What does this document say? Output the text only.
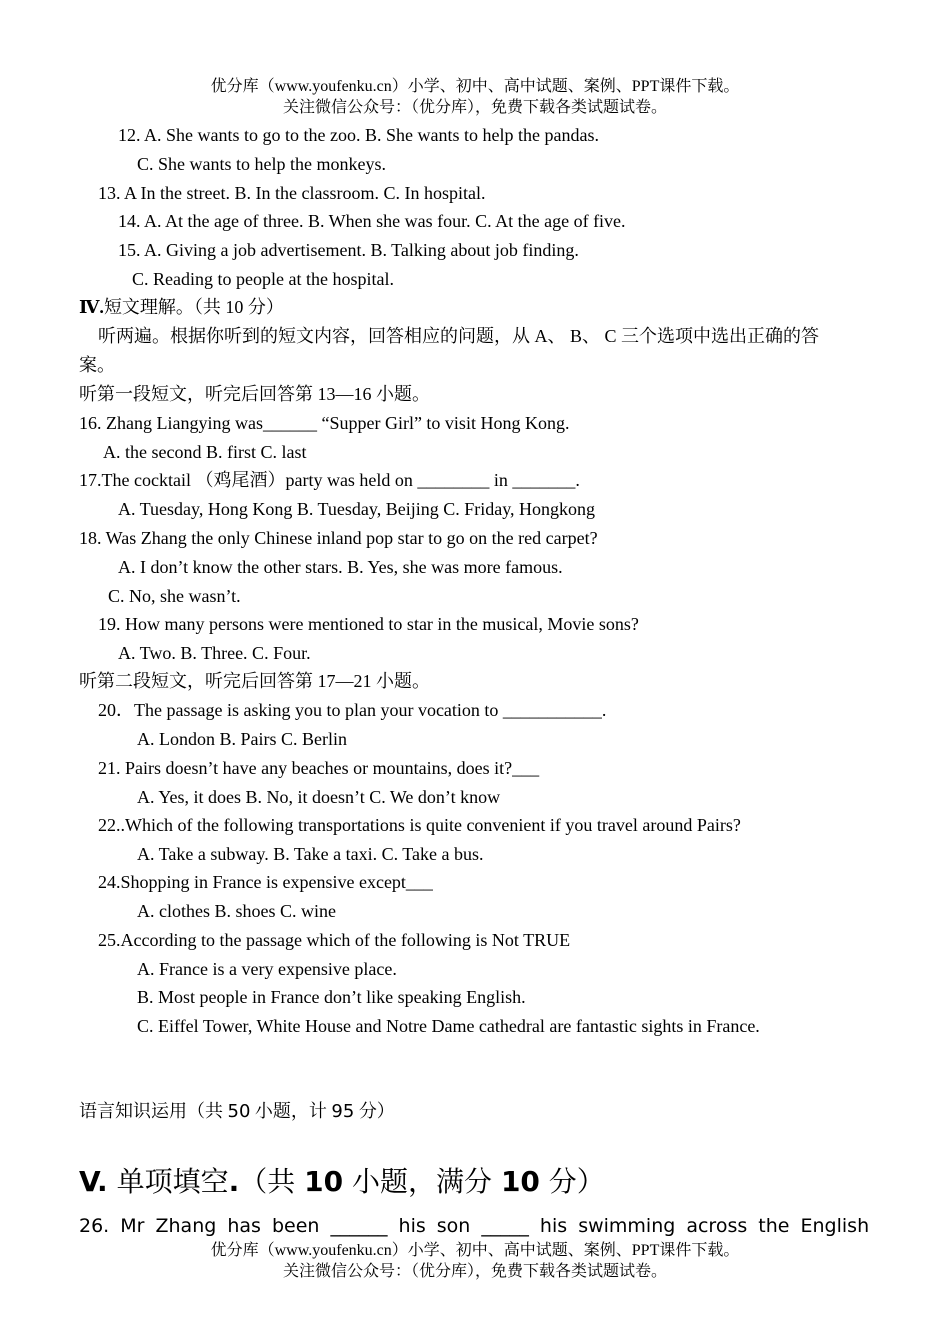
优分库（www.youfenku.cn）小学、初中、高中试题、案例、PPT课件下载。
关注微信公众号：（优分库），免费下载各类试题试卷。
12. A. She wants to go to the zoo. B. She wants to help the pandas.
C. She wants to help the monkeys.
13. A In the street. B. In the classroom. C. In hospital.
14. A. At the age of three. B. When she was four. C. At the age of five.
15. A. Giving a job advertisement. B. Talking about job finding.
C. Reading to people at the hospital.
Ⅳ.短文理解。（共 10 分）
听两遍。根据你听到的短文内容，回答相应的问题，从 A、 B、 C 三个选项中选出正确的答
案。
听第一段短文，听完后回答第 13—16 小题。
16. Zhang Liangying was______ “Supper Girl” to visit Hong Kong.
A. the second B. first C. last
17.The cocktail （鸡尾酒）party was held on ________ in _______.
A. Tuesday, Hong Kong B. Tuesday, Beijing C. Friday, Hongkong
18. Was Zhang the only Chinese inland pop star to go on the red carpet?
A. I don’t know the other stars. B. Yes, she was more famous.
C. No, she wasn’t.
19. How many persons were mentioned to star in the musical, Movie sons?
A. Two. B. Three. C. Four.
听第二段短文，听完后回答第 17—21 小题。
20．The passage is asking you to plan your vocation to ___________.
A. London B. Pairs C. Berlin
21. Pairs doesn’t have any beaches or mountains, does it?___
A. Yes, it does B. No, it doesn’t C. We don’t know
22..Which of the following transportations is quite convenient if you travel around Pairs?
A. Take a subway. B. Take a taxi. C. Take a bus.
24.Shopping in France is expensive except___
A. clothes B. shoes C. wine
25.According to the passage which of the following is Not TRUE
A. France is a very expensive place.
B. Most people in France don’t like speaking English.
C. Eiffel Tower, White House and Notre Dame cathedral are fantastic sights in France.
语言知识运用（共 50 小题，计 95 分）
V. 单项填空.（共 10 小题，满分 10 分）
26. Mr Zhang has been ______ his son _____ his swimming across the English
优分库（www.youfenku.cn）小学、初中、高中试题、案例、PPT课件下载。
关注微信公众号：（优分库），免费下载各类试题试卷。
